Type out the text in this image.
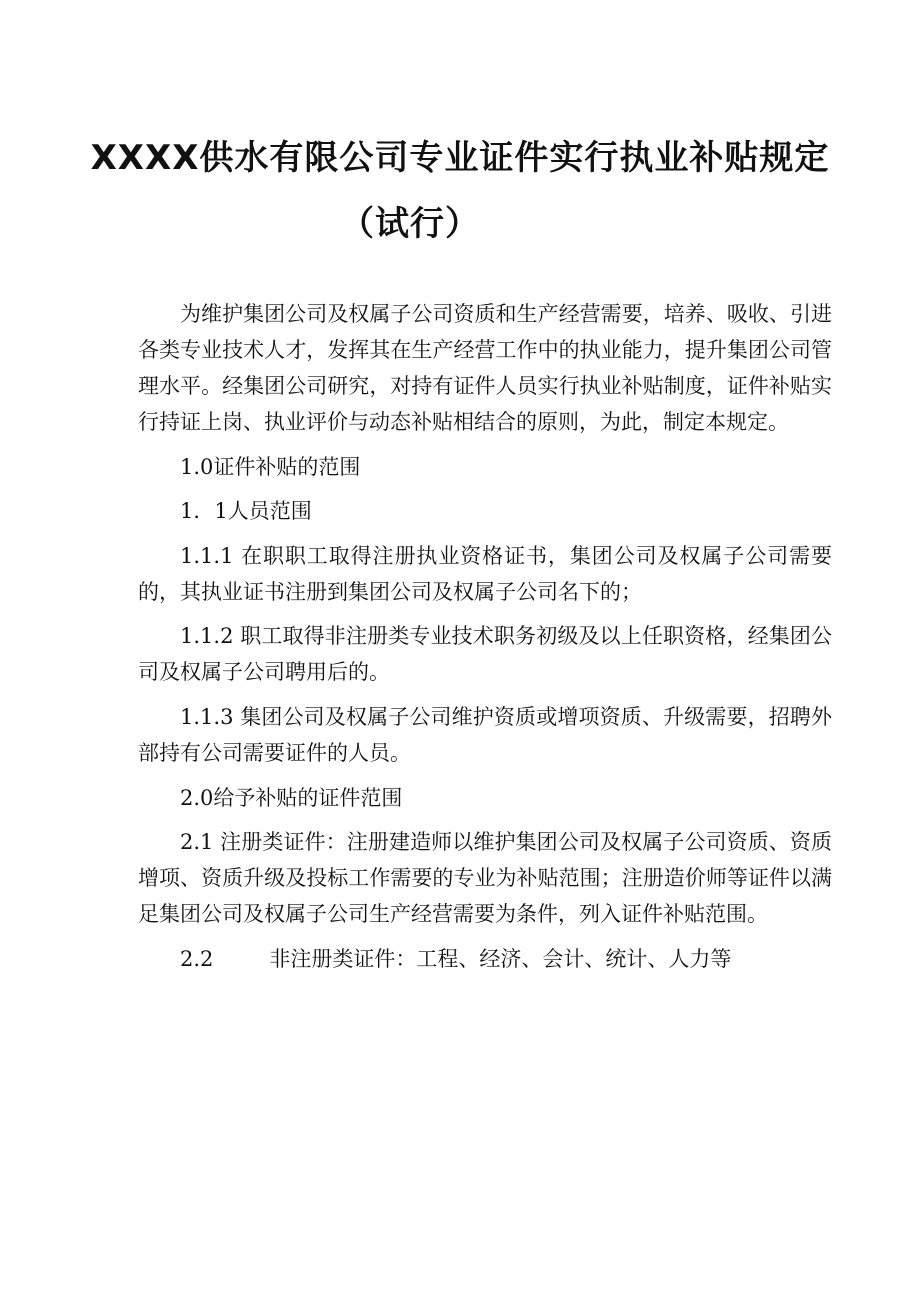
XXXX供水有限公司专业证件实行执业补贴规定
（试行）

为维护集团公司及权属子公司资质和生产经营需要，培养、吸收、引进各类专业技术人才，发挥其在生产经营工作中的执业能力，提升集团公司管理水平。经集团公司研究，对持有证件人员实行执业补贴制度，证件补贴实行持证上岗、执业评价与动态补贴相结合的原则，为此，制定本规定。

1.0证件补贴的范围

1．1人员范围

1.1.1 在职职工取得注册执业资格证书，集团公司及权属子公司需要的，其执业证书注册到集团公司及权属子公司名下的；

1.1.2 职工取得非注册类专业技术职务初级及以上任职资格，经集团公司及权属子公司聘用后的。

1.1.3 集团公司及权属子公司维护资质或增项资质、升级需要，招聘外部持有公司需要证件的人员。

2.0给予补贴的证件范围

2.1 注册类证件：注册建造师以维护集团公司及权属子公司资质、资质增项、资质升级及投标工作需要的专业为补贴范围；注册造价师等证件以满足集团公司及权属子公司生产经营需要为条件，列入证件补贴范围。

2.2	非注册类证件：工程、经济、会计、统计、人力等
